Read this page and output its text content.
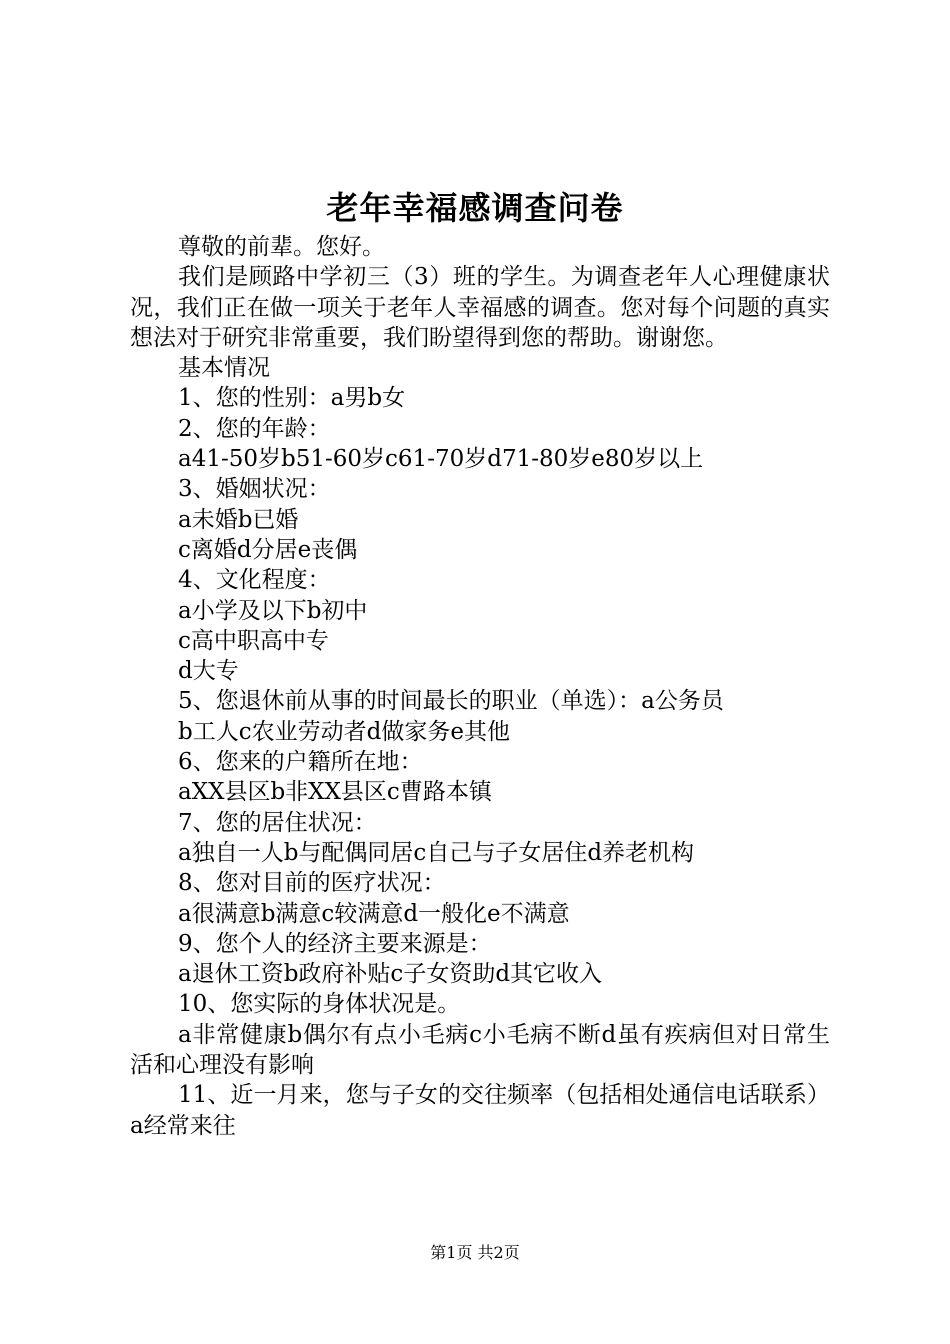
老年幸福感调查问卷

尊敬的前辈。您好。

我们是顾路中学初三（3）班的学生。为调查老年人心理健康状况，我们正在做一项关于老年人幸福感的调查。您对每个问题的真实想法对于研究非常重要，我们盼望得到您的帮助。谢谢您。

基本情况

1、您的性别：a男b女

2、您的年龄：

a41-50岁b51-60岁c61-70岁d71-80岁e80岁以上

3、婚姻状况：

a未婚b已婚

c离婚d分居e丧偶

4、文化程度：

a小学及以下b初中

c高中职高中专

d大专

5、您退休前从事的时间最长的职业（单选）：a公务员

b工人c农业劳动者d做家务e其他

6、您来的户籍所在地：

aXX县区b非XX县区c曹路本镇

7、您的居住状况：

a独自一人b与配偶同居c自己与子女居住d养老机构

8、您对目前的医疗状况：

a很满意b满意c较满意d一般化e不满意

9、您个人的经济主要来源是：

a退休工资b政府补贴c子女资助d其它收入

10、您实际的身体状况是。

a非常健康b偶尔有点小毛病c小毛病不断d虽有疾病但对日常生活和心理没有影响

11、近一月来，您与子女的交往频率（包括相处通信电话联系）a经常来往

第1页 共2页
